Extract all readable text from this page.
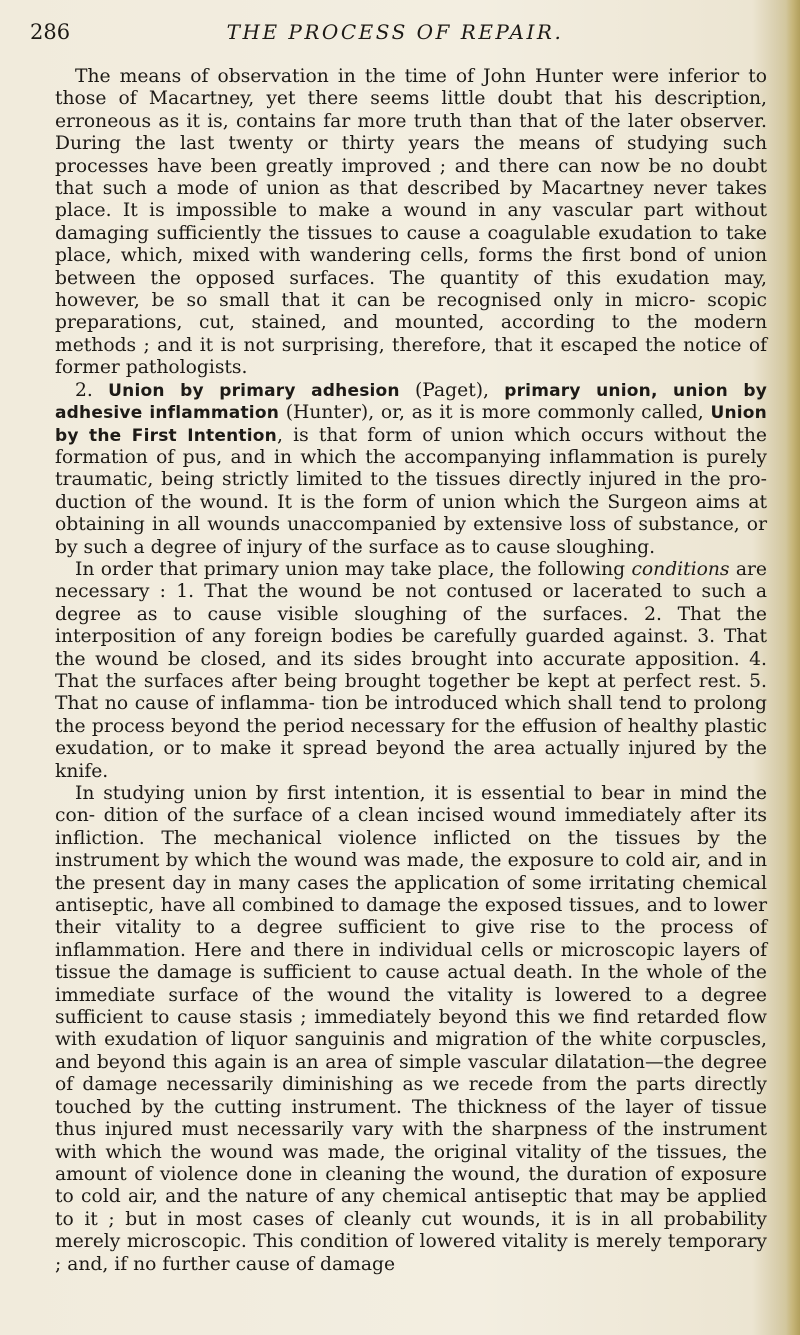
286	THE PROCESS OF REPAIR.

The means of observation in the time of John Hunter were inferior to those of Macartney, yet there seems little doubt that his description, erroneous as it is, contains far more truth than that of the later observer. During the last twenty or thirty years the means of studying such processes have been greatly improved ; and there can now be no doubt that such a mode of union as that described by Macartney never takes place. It is impossible to make a wound in any vascular part without damaging sufficiently the tissues to cause a coagulable exudation to take place, which, mixed with wandering cells, forms the first bond of union between the opposed surfaces. The quantity of this exudation may, however, be so small that it can be recognised only in micro- scopic preparations, cut, stained, and mounted, according to the modern methods ; and it is not surprising, therefore, that it escaped the notice of former pathologists.

2. Union by primary adhesion (Paget), primary union, union by adhesive inflammation (Hunter), or, as it is more commonly called, Union by the First Intention, is that form of union which occurs without the formation of pus, and in which the accompanying inflammation is purely traumatic, being strictly limited to the tissues directly injured in the pro- duction of the wound. It is the form of union which the Surgeon aims at obtaining in all wounds unaccompanied by extensive loss of substance, or by such a degree of injury of the surface as to cause sloughing.

In order that primary union may take place, the following conditions are necessary : 1. That the wound be not contused or lacerated to such a degree as to cause visible sloughing of the surfaces. 2. That the interposition of any foreign bodies be carefully guarded against. 3. That the wound be closed, and its sides brought into accurate apposition. 4. That the surfaces after being brought together be kept at perfect rest. 5. That no cause of inflamma- tion be introduced which shall tend to prolong the process beyond the period necessary for the effusion of healthy plastic exudation, or to make it spread beyond the area actually injured by the knife.

In studying union by first intention, it is essential to bear in mind the con- dition of the surface of a clean incised wound immediately after its infliction. The mechanical violence inflicted on the tissues by the instrument by which the wound was made, the exposure to cold air, and in the present day in many cases the application of some irritating chemical antiseptic, have all combined to damage the exposed tissues, and to lower their vitality to a degree sufficient to give rise to the process of inflammation. Here and there in individual cells or microscopic layers of tissue the damage is sufficient to cause actual death. In the whole of the immediate surface of the wound the vitality is lowered to a degree sufficient to cause stasis ; immediately beyond this we find retarded flow with exudation of liquor sanguinis and migration of the white corpuscles, and beyond this again is an area of simple vascular dilatation—the degree of damage necessarily diminishing as we recede from the parts directly touched by the cutting instrument. The thickness of the layer of tissue thus injured must necessarily vary with the sharpness of the instrument with which the wound was made, the original vitality of the tissues, the amount of violence done in cleaning the wound, the duration of exposure to cold air, and the nature of any chemical antiseptic that may be applied to it ; but in most cases of cleanly cut wounds, it is in all probability merely microscopic. This condition of lowered vitality is merely temporary ; and, if no further cause of damage
